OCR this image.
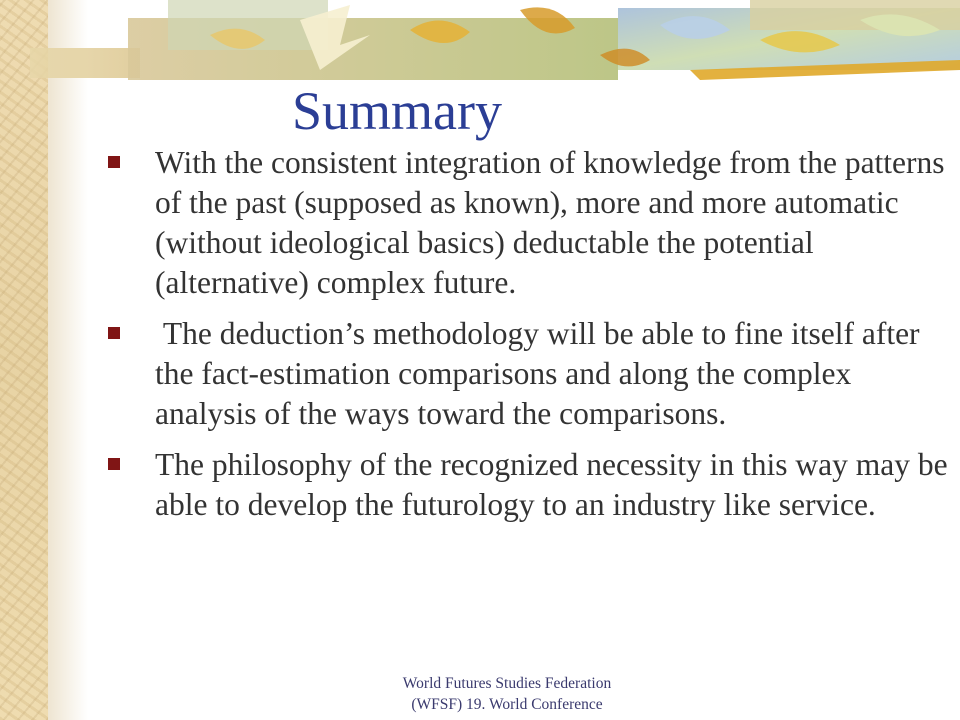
Summary
With the consistent integration of knowledge from the patterns of the past (supposed as known), more and more automatic (without ideological basics) deductable the potential (alternative) complex future.
The deduction’s methodology will be able to fine itself after the fact-estimation comparisons and along the complex analysis of the ways toward the comparisons.
The philosophy of the recognized necessity in this way may be able to develop the futurology to an industry like service.
World Futures Studies Federation
(WFSF) 19. World Conference
